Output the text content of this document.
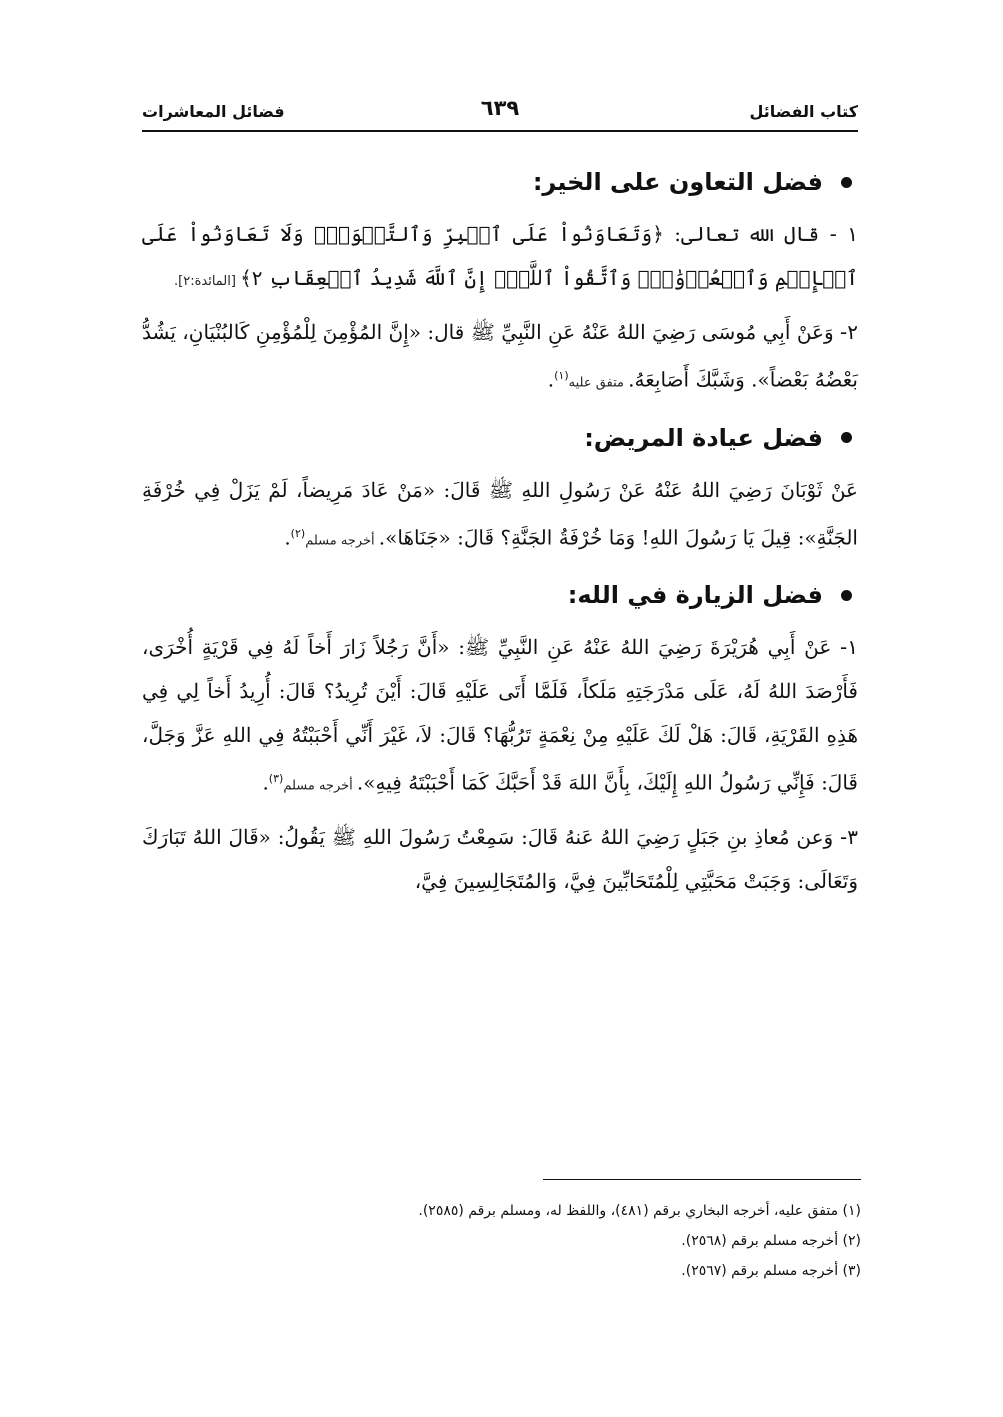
كتاب الفضائل
٦٣٩
فضائل المعاشرات
فضل التعاون على الخير:

١ - قال الله تعالى: ﴿وَتَعَاوَنُواْ عَلَى ٱلۡبِرِّ وَٱلتَّقۡوَىٰۖ وَلَا تَعَاوَنُواْ عَلَى ٱلۡإِثۡمِ وَٱلۡعُدۡوَٰنِۚ وَٱتَّقُواْ ٱللَّهَۖ إِنَّ ٱللَّهَ شَدِيدُ ٱلۡعِقَابِ ٢﴾ [المائدة:٢].

٢- وَعَنْ أَبِي مُوسَى رَضِيَ اللهُ عَنْهُ عَنِ النَّبِيِّ ﷺ قال: «إِنَّ المُؤْمِنَ لِلْمُؤْمِنِ كَالبُنْيَانِ، يَشُدُّ بَعْضُهُ بَعْضاً». وَشَبَّكَ أَصَابِعَهُ. متفق عليه$^{(١)}$.

فضل عيادة المريض:

عَنْ ثَوْبَانَ رَضِيَ اللهُ عَنْهُ عَنْ رَسُولِ اللهِ ﷺ قَالَ: «مَنْ عَادَ مَرِيضاً، لَمْ يَزَلْ فِي خُرْفَةِ الجَنَّةِ»: قِيلَ يَا رَسُولَ اللهِ! وَمَا خُرْفَةُ الجَنَّةِ؟ قَالَ: «جَنَاهَا». أخرجه مسلم$^{(٢)}$.

فضل الزيارة في الله:

١- عَنْ أَبِي هُرَيْرَةَ رَضِيَ اللهُ عَنْهُ عَنِ النَّبِيِّ ﷺ: «أَنَّ رَجُلاً زَارَ أَخاً لَهُ فِي قَرْيَةٍ أُخْرَى، فَأَرْصَدَ اللهُ لَهُ، عَلَى مَدْرَجَتِهِ مَلَكاً، فَلَمَّا أَتَى عَلَيْهِ قَالَ: أَيْنَ تُرِيدُ؟ قَالَ: أُرِيدُ أَخاً لِي فِي هَذِهِ القَرْيَةِ، قَالَ: هَلْ لَكَ عَلَيْهِ مِنْ نِعْمَةٍ تَرُبُّهَا؟ قَالَ: لاَ، غَيْرَ أَنِّي أَحْبَبْتُهُ فِي اللهِ عَزَّ وَجَلَّ، قَالَ: فَإِنِّي رَسُولُ اللهِ إِلَيْكَ، بِأَنَّ اللهَ قَدْ أَحَبَّكَ كَمَا أَحْبَبْتَهُ فِيهِ». أخرجه مسلم$^{(٣)}$.

٣- وَعن مُعاذِ بنِ جَبَلٍ رَضِيَ اللهُ عَنهُ قَالَ: سَمِعْتُ رَسُولَ اللهِ ﷺ يَقُولُ: «قَالَ اللهُ تَبَارَكَ وَتَعَالَى: وَجَبَتْ مَحَبَّتِي لِلْمُتَحَابِّينَ فِيَّ، وَالمُتَجَالِسِينَ فِيَّ،

(١) متفق عليه، أخرجه البخاري برقم (٤٨١)، واللفظ له، ومسلم برقم (٢٥٨٥).
(٢) أخرجه مسلم برقم (٢٥٦٨).
(٣) أخرجه مسلم برقم (٢٥٦٧).
